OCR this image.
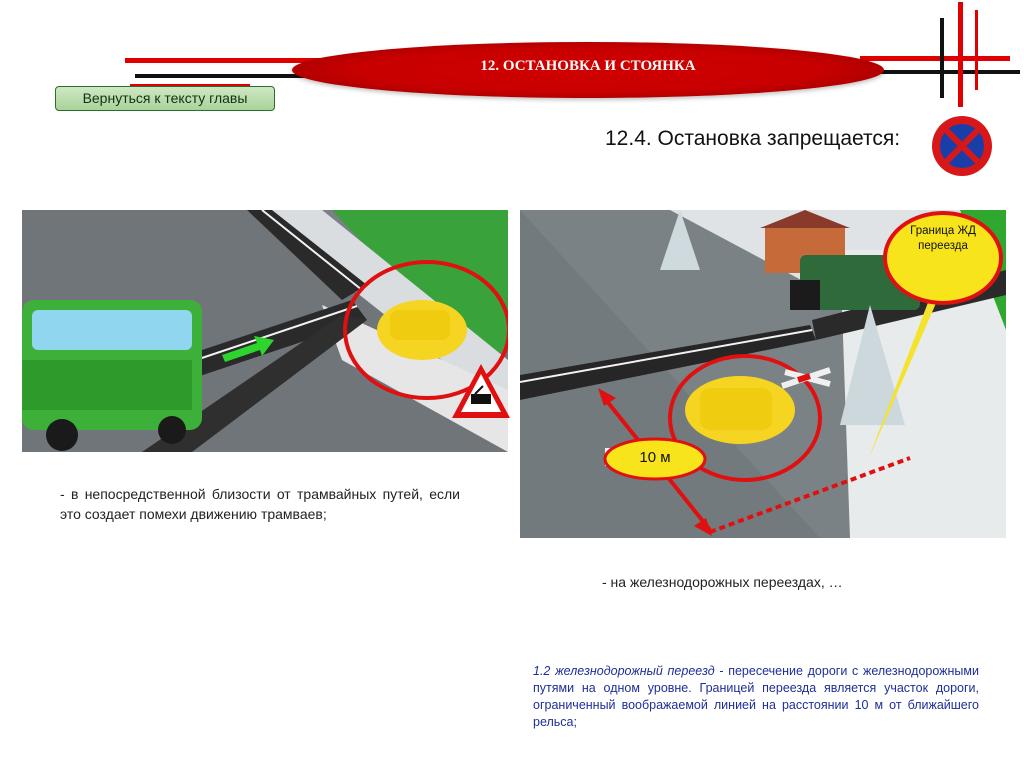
12. ОСТАНОВКА И СТОЯНКА
Вернуться к тексту главы
12.4. Остановка запрещается:
- в непосредственной близости от трамвайных путей, если это создает помехи движению трамваев;
Граница ЖД переезда
10 м
- на железнодорожных переездах, …
1.2 железнодорожный переезд - пересечение дороги с железнодорожными путями на одном уровне. Границей переезда является участок дороги, ограниченный воображаемой линией на расстоянии 10 м от ближайшего рельса;
